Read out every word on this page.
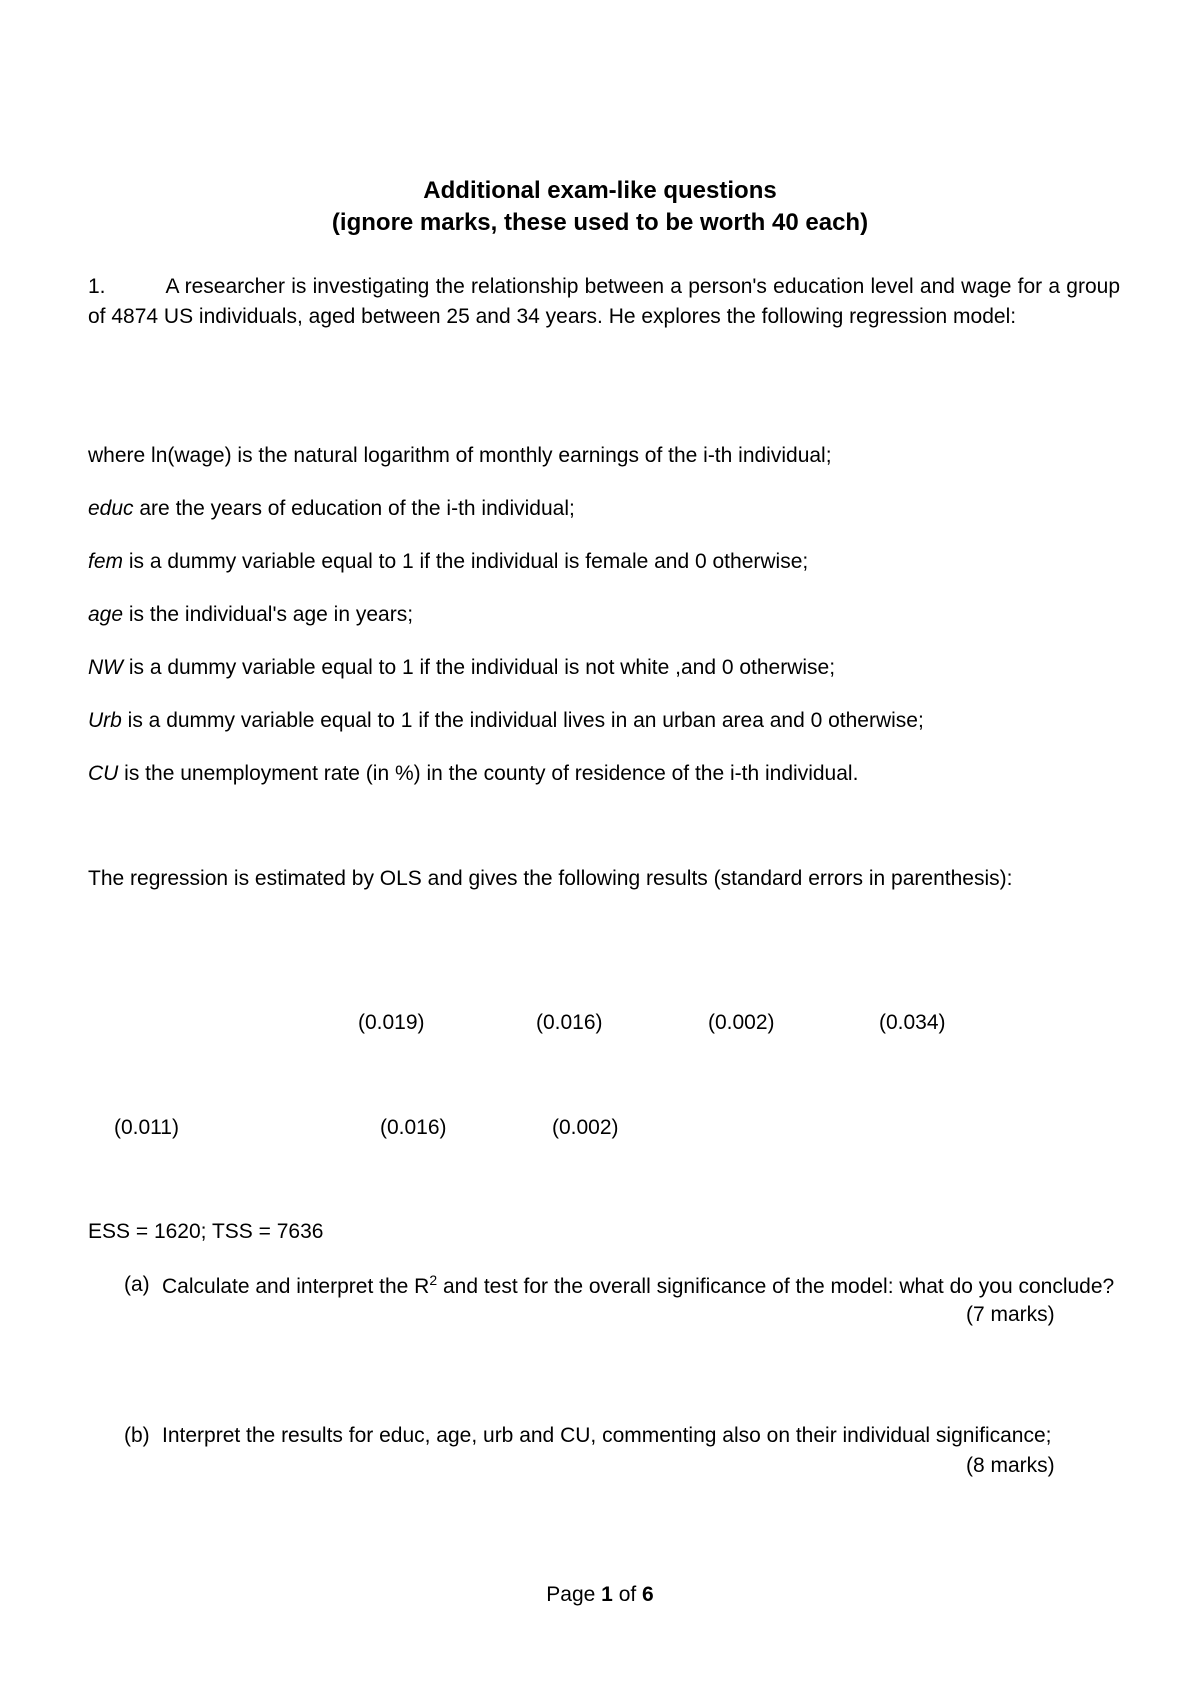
Additional exam-like questions
(ignore marks, these used to be worth 40 each)
1.	A researcher is investigating the relationship between a person's education level and wage for a group of 4874 US individuals, aged between 25 and 34 years. He explores the following regression model:
where ln(wage) is the natural logarithm of monthly earnings of the i-th individual;
educ are the years of education of the i-th individual;
fem is a dummy variable equal to 1 if the individual is female and 0 otherwise;
age is the individual's age in years;
NW is a dummy variable equal to 1 if the individual is not white ,and 0 otherwise;
Urb is a dummy variable equal to 1 if the individual lives in an urban area and 0 otherwise;
CU is the unemployment rate (in %) in the county of residence of the i-th individual.
The regression is estimated by OLS and gives the following results (standard errors in parenthesis):
(0.019)	(0.016)	(0.002)	(0.034)
(0.011)	(0.016)	(0.002)
ESS = 1620; TSS = 7636
(a) Calculate and interpret the $R^2$ and test for the overall significance of the model: what do you conclude?
(7 marks)
(b) Interpret the results for educ, age, urb and CU, commenting also on their individual significance;
(8 marks)
Page 1 of 6
